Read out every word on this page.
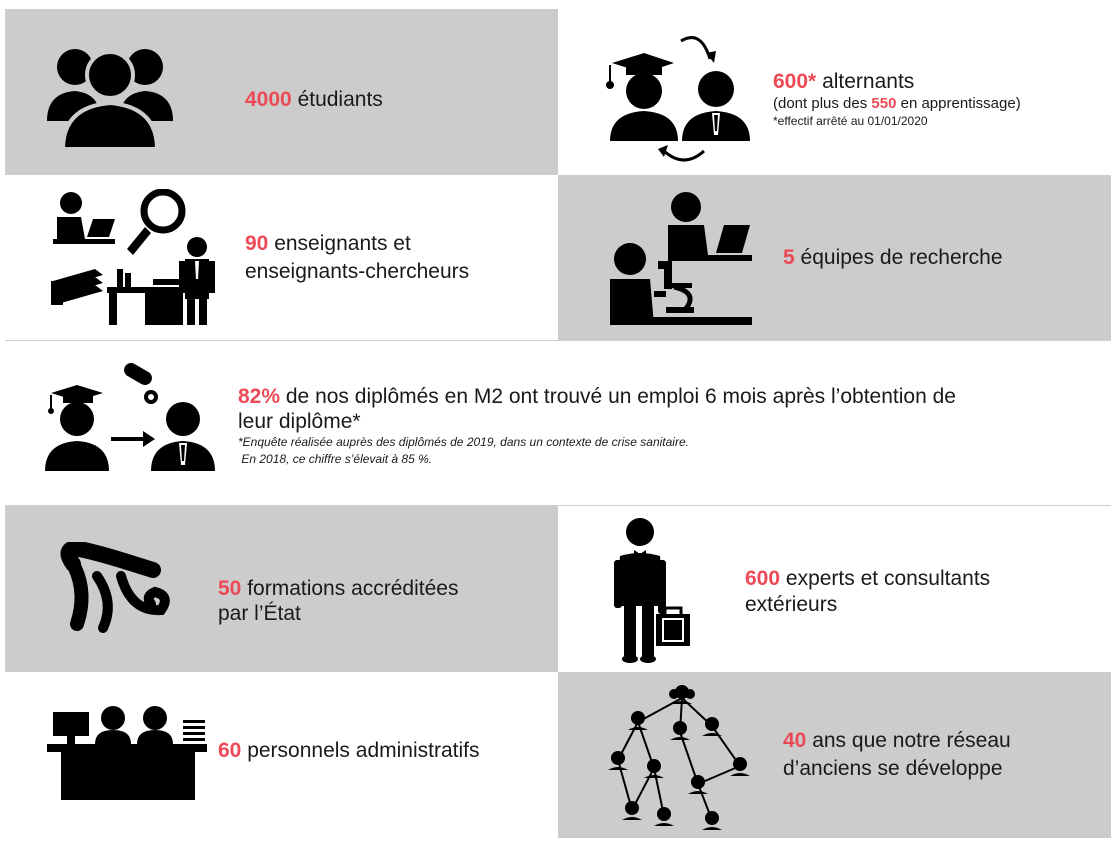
4000 étudiants
600* alternants
(dont plus des 550 en apprentissage)
*effectif arrêté au 01/01/2020
90 enseignants et
enseignants-chercheurs
5 équipes de recherche
82% de nos diplômés en M2 ont trouvé un emploi 6 mois après l’obtention de
leur diplôme*
*Enquête réalisée auprès des diplômés de 2019, dans un contexte de crise sanitaire.
En 2018, ce chiffre s’élevait à 85 %.
50 formations accréditées
par l’État
600 experts et consultants
extérieurs
60 personnels administratifs	40 ans que notre réseau
d’anciens se développe
